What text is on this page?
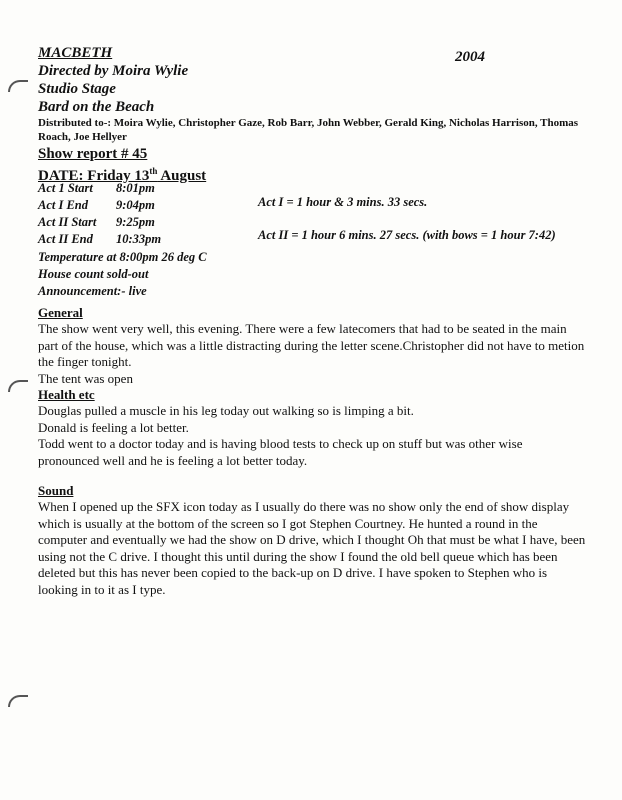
MACBETH
Directed by Moira Wylie
Studio Stage
Bard on the Beach
2004
Distributed to-: Moira Wylie, Christopher Gaze, Rob Barr, John Webber, Gerald King, Nicholas Harrison, Thomas Roach, Joe Hellyer
Show report # 45
DATE: Friday 13th August
Act 1 Start 8:01pm
Act I End 9:04pm
Act II Start 9:25pm
Act II End 10:33pm
Act I = 1 hour & 3 mins. 33 secs.
Act II = 1 hour 6 mins. 27 secs. (with bows = 1 hour 7:42)
Temperature at 8:00pm 26 deg C
House count sold-out
Announcement:- live
General

The show went very well, this evening. There were a few latecomers that had to be seated in the main part of the house, which was a little distracting during the letter scene.Christopher did not have to metion the finger tonight.

The tent was open

Health etc

Douglas pulled a muscle in his leg today out walking so is limping a bit.

Donald is feeling a lot better.

Todd went to a doctor today and is having blood tests to check up on stuff but was other wise pronounced well and he is feeling a lot better today.

Sound

When I opened up the SFX icon today as I usually do there was no show only the end of show display which is usually at the bottom of the screen so I got Stephen Courtney. He hunted a round in the computer and eventually we had the show on D drive, which I thought Oh that must be what I have, been using not the C drive. I thought this until during the show I found the old bell queue which has been deleted but this has never been copied to the back-up on D drive. I have spoken to Stephen who is looking in to it as I type.
